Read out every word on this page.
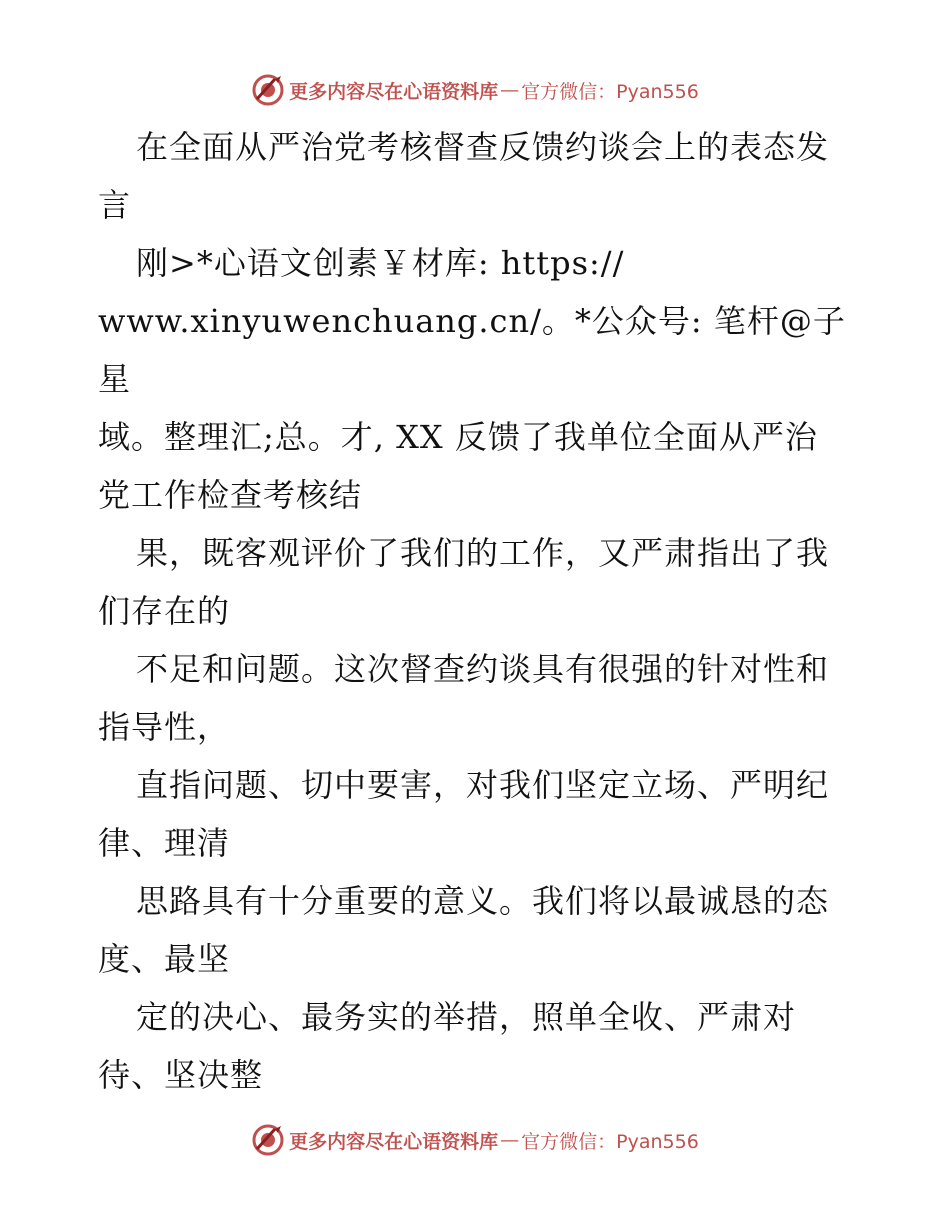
更多内容尽在心语资料库 — 官方微信：Pyan556

在全面从严治党考核督查反馈约谈会上的表态发

言

刚>*心语文创素￥材库: https://

www.xinyuwenchuang.cn/。*公众号: 笔杆@子星

域。整理汇;总。才, XX 反馈了我单位全面从严治

党工作检查考核结

果，既客观评价了我们的工作，又严肃指出了我

们存在的

不足和问题。这次督查约谈具有很强的针对性和

指导性，

直指问题、切中要害，对我们坚定立场、严明纪

律、理清

思路具有十分重要的意义。我们将以最诚恳的态

度、最坚

定的决心、最务实的举措，照单全收、严肃对

待、坚决整

更多内容尽在心语资料库 — 官方微信：Pyan556
